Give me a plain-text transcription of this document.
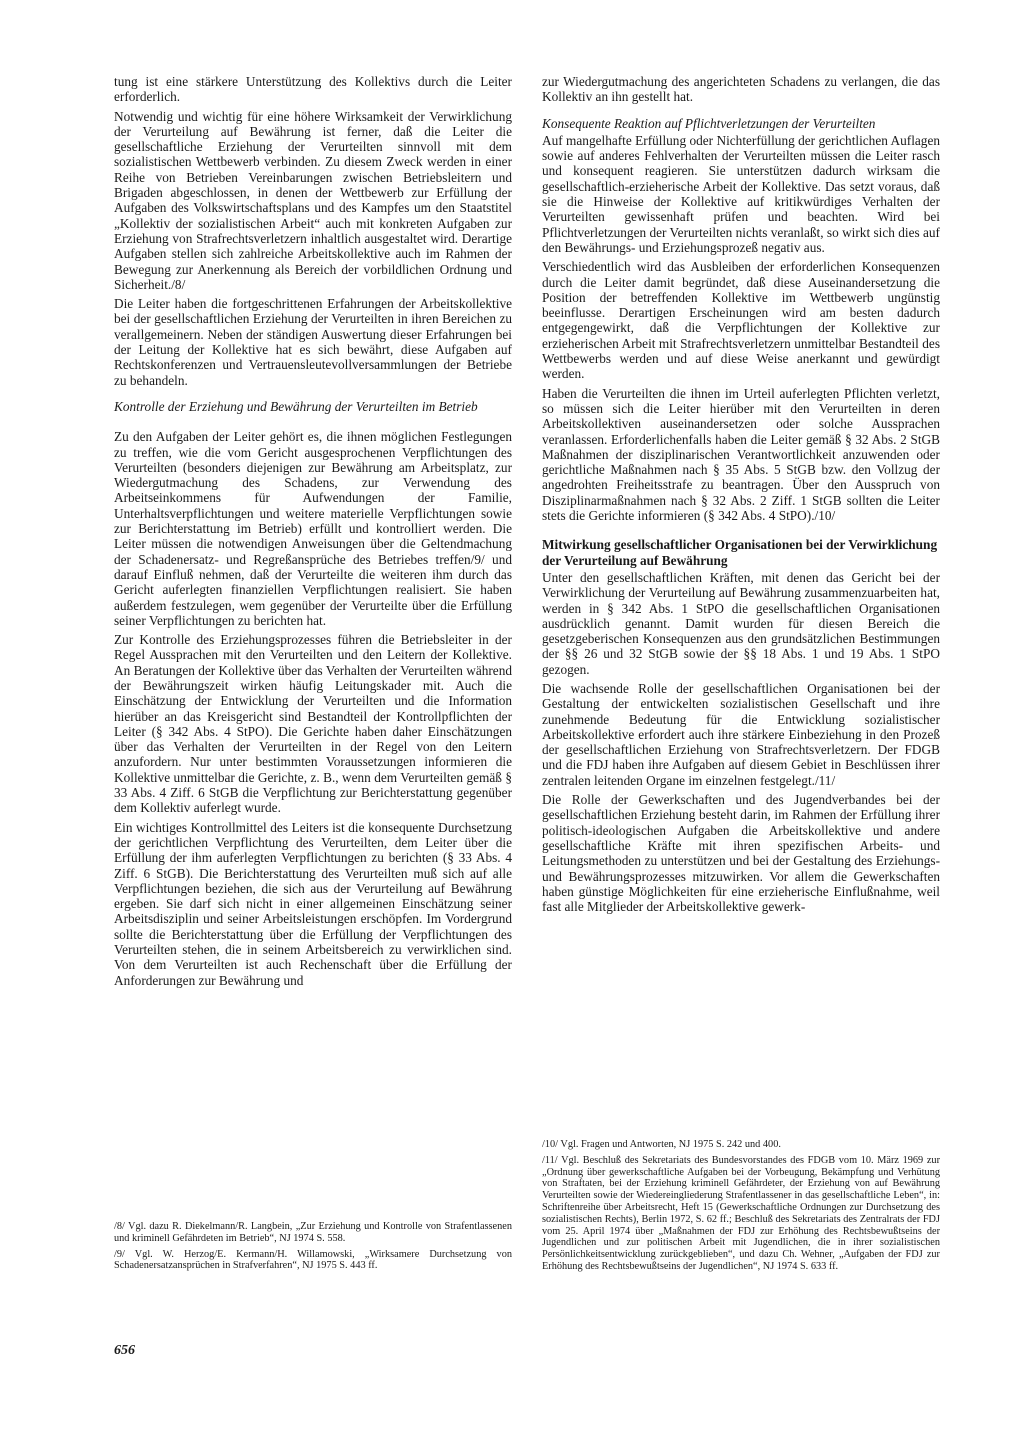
tung ist eine stärkere Unterstützung des Kollektivs durch die Leiter erforderlich.

Notwendig und wichtig für eine höhere Wirksamkeit der Verwirklichung der Verurteilung auf Bewährung ist ferner, daß die Leiter die gesellschaftliche Erziehung der Verurteilten sinnvoll mit dem sozialistischen Wettbewerb verbinden. Zu diesem Zweck werden in einer Reihe von Betrieben Vereinbarungen zwischen Betriebsleitern und Brigaden abgeschlossen, in denen der Wettbewerb zur Erfüllung der Aufgaben des Volkswirtschaftsplans und des Kampfes um den Staatstitel „Kollektiv der sozialistischen Arbeit“ auch mit konkreten Aufgaben zur Erziehung von Strafrechtsverletzern inhaltlich ausgestaltet wird. Derartige Aufgaben stellen sich zahlreiche Arbeitskollektive auch im Rahmen der Bewegung zur Anerkennung als Bereich der vorbildlichen Ordnung und Sicherheit./8/

Die Leiter haben die fortgeschrittenen Erfahrungen der Arbeitskollektive bei der gesellschaftlichen Erziehung der Verurteilten in ihren Bereichen zu verallgemeinern. Neben der ständigen Auswertung dieser Erfahrungen bei der Leitung der Kollektive hat es sich bewährt, diese Aufgaben auf Rechtskonferenzen und Vertrauensleutevollversammlungen der Betriebe zu behandeln.

Kontrolle der Erziehung und Bewährung der Verurteilten im Betrieb

Zu den Aufgaben der Leiter gehört es, die ihnen möglichen Festlegungen zu treffen, wie die vom Gericht ausgesprochenen Verpflichtungen des Verurteilten (besonders diejenigen zur Bewährung am Arbeitsplatz, zur Wiedergutmachung des Schadens, zur Verwendung des Arbeitseinkommens für Aufwendungen der Familie, Unterhaltsverpflichtungen und weitere materielle Verpflichtungen sowie zur Berichterstattung im Betrieb) erfüllt und kontrolliert werden. Die Leiter müssen die notwendigen Anweisungen über die Geltendmachung der Schadenersatz- und Regreßansprüche des Betriebes treffen/9/ und darauf Einfluß nehmen, daß der Verurteilte die weiteren ihm durch das Gericht auferlegten finanziellen Verpflichtungen realisiert. Sie haben außerdem festzulegen, wem gegenüber der Verurteilte über die Erfüllung seiner Verpflichtungen zu berichten hat.

Zur Kontrolle des Erziehungsprozesses führen die Betriebsleiter in der Regel Aussprachen mit den Verurteilten und den Leitern der Kollektive. An Beratungen der Kollektive über das Verhalten der Verurteilten während der Bewährungszeit wirken häufig Leitungskader mit. Auch die Einschätzung der Entwicklung der Verurteilten und die Information hierüber an das Kreisgericht sind Bestandteil der Kontrollpflichten der Leiter (§ 342 Abs. 4 StPO). Die Gerichte haben daher Einschätzungen über das Verhalten der Verurteilten in der Regel von den Leitern anzufordern. Nur unter bestimmten Voraussetzungen informieren die Kollektive unmittelbar die Gerichte, z. B., wenn dem Verurteilten gemäß § 33 Abs. 4 Ziff. 6 StGB die Verpflichtung zur Berichterstattung gegenüber dem Kollektiv auferlegt wurde.

Ein wichtiges Kontrollmittel des Leiters ist die konsequente Durchsetzung der gerichtlichen Verpflichtung des Verurteilten, dem Leiter über die Erfüllung der ihm auferlegten Verpflichtungen zu berichten (§ 33 Abs. 4 Ziff. 6 StGB). Die Berichterstattung des Verurteilten muß sich auf alle Verpflichtungen beziehen, die sich aus der Verurteilung auf Bewährung ergeben. Sie darf sich nicht in einer allgemeinen Einschätzung seiner Arbeitsdisziplin und seiner Arbeitsleistungen erschöpfen. Im Vordergrund sollte die Berichterstattung über die Erfüllung der Verpflichtungen des Verurteilten stehen, die in seinem Arbeitsbereich zu verwirklichen sind. Von dem Verurteilten ist auch Rechenschaft über die Erfüllung der Anforderungen zur Bewährung und

zur Wiedergutmachung des angerichteten Schadens zu verlangen, die das Kollektiv an ihn gestellt hat.

Konsequente Reaktion auf Pflichtverletzungen der Verurteilten

Auf mangelhafte Erfüllung oder Nichterfüllung der gerichtlichen Auflagen sowie auf anderes Fehlverhalten der Verurteilten müssen die Leiter rasch und konsequent reagieren. Sie unterstützen dadurch wirksam die gesellschaftlich-erzieherische Arbeit der Kollektive. Das setzt voraus, daß sie die Hinweise der Kollektive auf kritikwürdiges Verhalten der Verurteilten gewissenhaft prüfen und beachten. Wird bei Pflichtverletzungen der Verurteilten nichts veranlaßt, so wirkt sich dies auf den Bewährungs- und Erziehungsprozeß negativ aus.

Verschiedentlich wird das Ausbleiben der erforderlichen Konsequenzen durch die Leiter damit begründet, daß diese Auseinandersetzung die Position der betreffenden Kollektive im Wettbewerb ungünstig beeinflusse. Derartigen Erscheinungen wird am besten dadurch entgegengewirkt, daß die Verpflichtungen der Kollektive zur erzieherischen Arbeit mit Strafrechtsverletzern unmittelbar Bestandteil des Wettbewerbs werden und auf diese Weise anerkannt und gewürdigt werden.

Haben die Verurteilten die ihnen im Urteil auferlegten Pflichten verletzt, so müssen sich die Leiter hierüber mit den Verurteilten in deren Arbeitskollektiven auseinandersetzen oder solche Aussprachen veranlassen. Erforderlichenfalls haben die Leiter gemäß § 32 Abs. 2 StGB Maßnahmen der disziplinarischen Verantwortlichkeit anzuwenden oder gerichtliche Maßnahmen nach § 35 Abs. 5 StGB bzw. den Vollzug der angedrohten Freiheitsstrafe zu beantragen. Über den Ausspruch von Disziplinarmaßnahmen nach § 32 Abs. 2 Ziff. 1 StGB sollten die Leiter stets die Gerichte informieren (§ 342 Abs. 4 StPO)./10/

Mitwirkung gesellschaftlicher Organisationen bei der Verwirklichung der Verurteilung auf Bewährung

Unter den gesellschaftlichen Kräften, mit denen das Gericht bei der Verwirklichung der Verurteilung auf Bewährung zusammenzuarbeiten hat, werden in § 342 Abs. 1 StPO die gesellschaftlichen Organisationen ausdrücklich genannt. Damit wurden für diesen Bereich die gesetzgeberischen Konsequenzen aus den grundsätzlichen Bestimmungen der §§ 26 und 32 StGB sowie der §§ 18 Abs. 1 und 19 Abs. 1 StPO gezogen.

Die wachsende Rolle der gesellschaftlichen Organisationen bei der Gestaltung der entwickelten sozialistischen Gesellschaft und ihre zunehmende Bedeutung für die Entwicklung sozialistischer Arbeitskollektive erfordert auch ihre stärkere Einbeziehung in den Prozeß der gesellschaftlichen Erziehung von Strafrechtsverletzern. Der FDGB und die FDJ haben ihre Aufgaben auf diesem Gebiet in Beschlüssen ihrer zentralen leitenden Organe im einzelnen festgelegt./11/

Die Rolle der Gewerkschaften und des Jugendverbandes bei der gesellschaftlichen Erziehung besteht darin, im Rahmen der Erfüllung ihrer politisch-ideologischen Aufgaben die Arbeitskollektive und andere gesellschaftliche Kräfte mit ihren spezifischen Arbeits- und Leitungsmethoden zu unterstützen und bei der Gestaltung des Erziehungs- und Bewährungsprozesses mitzuwirken. Vor allem die Gewerkschaften haben günstige Möglichkeiten für eine erzieherische Einflußnahme, weil fast alle Mitglieder der Arbeitskollektive gewerk-

/8/ Vgl. dazu R. Diekelmann/R. Langbein, „Zur Erziehung und Kontrolle von Strafentlassenen und kriminell Gefährdeten im Betrieb“, NJ 1974 S. 558.

/9/ Vgl. W. Herzog/E. Kermann/H. Willamowski, „Wirksamere Durchsetzung von Schadenersatzansprüchen in Strafverfahren“, NJ 1975 S. 443 ff.

/10/ Vgl. Fragen und Antworten, NJ 1975 S. 242 und 400.

/11/ Vgl. Beschluß des Sekretariats des Bundesvorstandes des FDGB vom 10. März 1969 zur „Ordnung über gewerkschaftliche Aufgaben bei der Vorbeugung, Bekämpfung und Verhütung von Straftaten, bei der Erziehung kriminell Gefährdeter, der Erziehung von auf Bewährung Verurteilten sowie der Wiedereingliederung Strafentlassener in das gesellschaftliche Leben“, in: Schriftenreihe über Arbeitsrecht, Heft 15 (Gewerkschaftliche Ordnungen zur Durchsetzung des sozialistischen Rechts), Berlin 1972, S. 62 ff.; Beschluß des Sekretariats des Zentralrats der FDJ vom 25. April 1974 über „Maßnahmen der FDJ zur Erhöhung des Rechtsbewußtseins der Jugendlichen und zur politischen Arbeit mit Jugendlichen, die in ihrer sozialistischen Persönlichkeitsentwicklung zurückgeblieben“, und dazu Ch. Wehner, „Aufgaben der FDJ zur Erhöhung des Rechtsbewußtseins der Jugendlichen“, NJ 1974 S. 633 ff.

656
